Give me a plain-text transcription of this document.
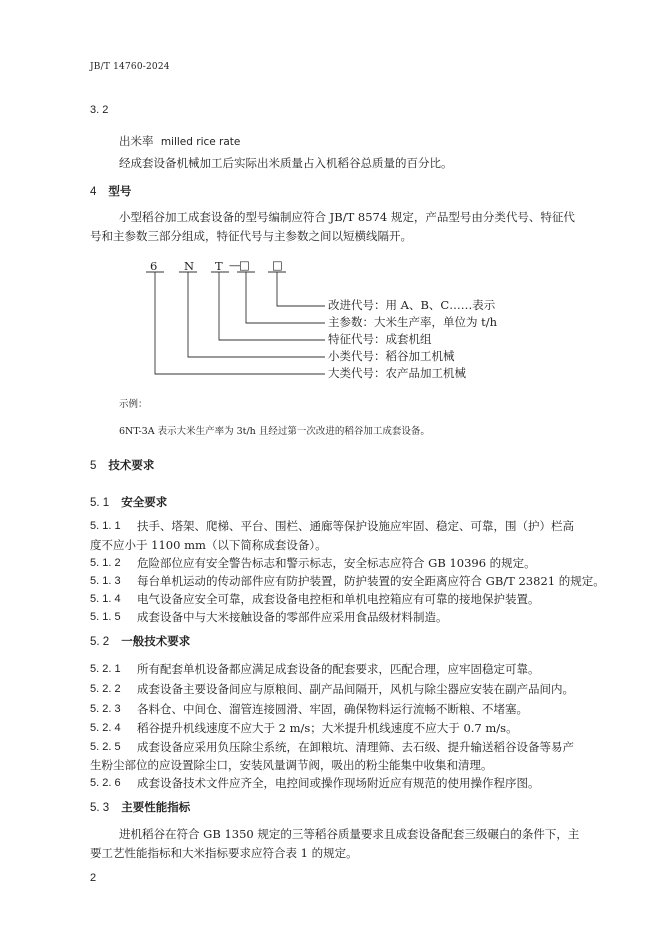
JB/T 14760-2024
3. 2
出米率 milled rice rate
经成套设备机械加工后实际出米质量占入机稻谷总质量的百分比。
4 型号
小型稻谷加工成套设备的型号编制应符合 JB/T 8574 规定，产品型号由分类代号、特征代
号和主参数三部分组成，特征代号与主参数之间以短横线隔开。
6 N T —
□ □
改进代号：用 A、B、C……表示
主参数：大米生产率，单位为 t/h
特征代号：成套机组
小类代号：稻谷加工机械
大类代号：农产品加工机械
示例：
6NT-3A 表示大米生产率为 3t/h 且经过第一次改进的稻谷加工成套设备。
5 技术要求
5. 1 安全要求
5. 1. 1 扶手、塔架、爬梯、平台、围栏、通廊等保护设施应牢固、稳定、可靠，围（护）栏高
度不应小于 1100 mm（以下简称成套设备）。
5. 1. 2 危险部位应有安全警告标志和警示标志，安全标志应符合 GB 10396 的规定。
5. 1. 3 每台单机运动的传动部件应有防护装置，防护装置的安全距离应符合 GB/T 23821 的规定。
5. 1. 4 电气设备应安全可靠，成套设备电控柜和单机电控箱应有可靠的接地保护装置。
5. 1. 5 成套设备中与大米接触设备的零部件应采用食品级材料制造。
5. 2 一般技术要求
5. 2. 1 所有配套单机设备都应满足成套设备的配套要求，匹配合理，应牢固稳定可靠。
5. 2. 2 成套设备主要设备间应与原粮间、副产品间隔开，风机与除尘器应安装在副产品间内。
5. 2. 3 各料仓、中间仓、溜管连接圆滑、牢固，确保物料运行流畅不断粮、不堵塞。
5. 2. 4 稻谷提升机线速度不应大于 2 m/s；大米提升机线速度不应大于 0.7 m/s。
5. 2. 5 成套设备应采用负压除尘系统，在卸粮坑、清理筛、去石级、提升输送稻谷设备等易产
生粉尘部位的应设置除尘口，安装风量调节阀，吸出的粉尘能集中收集和清理。
5. 2. 6 成套设备技术文件应齐全，电控间或操作现场附近应有规范的使用操作程序图。
5. 3 主要性能指标
进机稻谷在符合 GB 1350 规定的三等稻谷质量要求且成套设备配套三级碾白的条件下，主
要工艺性能指标和大米指标要求应符合表 1 的规定。
2
